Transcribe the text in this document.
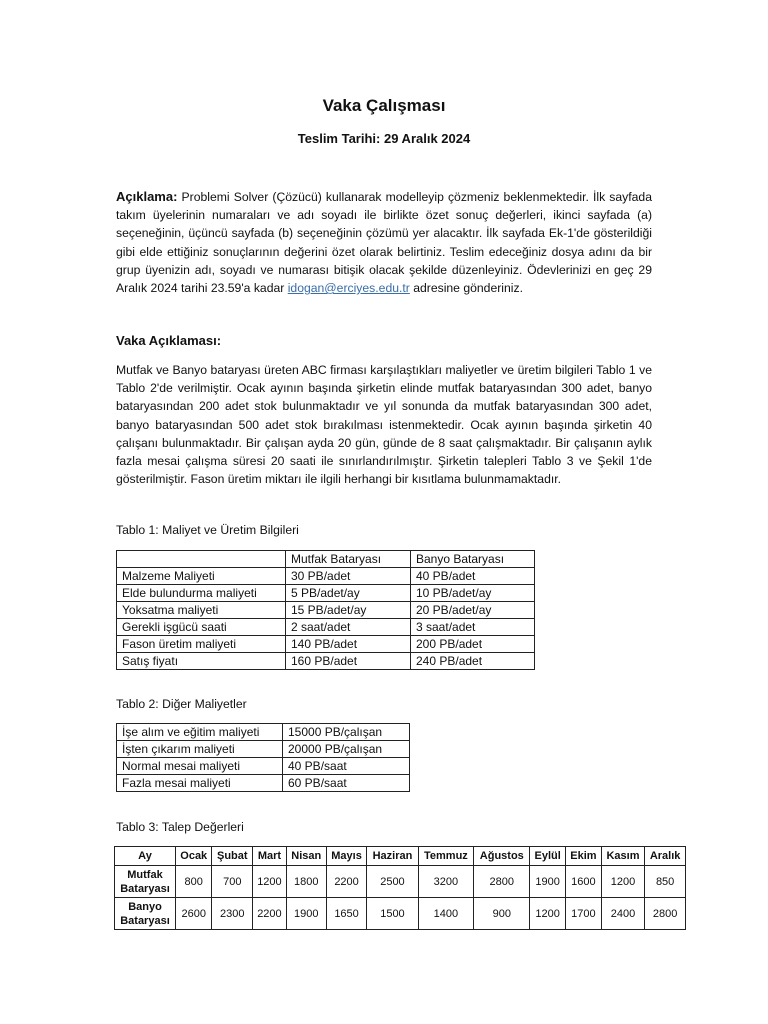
Vaka Çalışması
Teslim Tarihi: 29 Aralık 2024

Açıklama: Problemi Solver (Çözücü) kullanarak modelleyip çözmeniz beklenmektedir. İlk sayfada takım üyelerinin numaraları ve adı soyadı ile birlikte özet sonuç değerleri, ikinci sayfada (a) seçeneğinin, üçüncü sayfada (b) seçeneğinin çözümü yer alacaktır. İlk sayfada Ek-1'de gösterildiği gibi elde ettiğiniz sonuçlarının değerini özet olarak belirtiniz. Teslim edeceğiniz dosya adını da bir grup üyenizin adı, soyadı ve numarası bitişik olacak şekilde düzenleyiniz. Ödevlerinizi en geç 29 Aralık 2024 tarihi 23.59'a kadar idogan@erciyes.edu.tr adresine gönderiniz.

Vaka Açıklaması:

Mutfak ve Banyo bataryası üreten ABC firması karşılaştıkları maliyetler ve üretim bilgileri Tablo 1 ve Tablo 2'de verilmiştir. Ocak ayının başında şirketin elinde mutfak bataryasından 300 adet, banyo bataryasından 200 adet stok bulunmaktadır ve yıl sonunda da mutfak bataryasından 300 adet, banyo bataryasından 500 adet stok bırakılması istenmektedir. Ocak ayının başında şirketin 40 çalışanı bulunmaktadır. Bir çalışan ayda 20 gün, günde de 8 saat çalışmaktadır. Bir çalışanın aylık fazla mesai çalışma süresi 20 saati ile sınırlandırılmıştır. Şirketin talepleri Tablo 3 ve Şekil 1'de gösterilmiştir. Fason üretim miktarı ile ilgili herhangi bir kısıtlama bulunmamaktadır.

Tablo 1: Maliyet ve Üretim Bilgileri
	Mutfak Bataryası	Banyo Bataryası
Malzeme Maliyeti	30 PB/adet	40 PB/adet
Elde bulundurma maliyeti	5 PB/adet/ay	10 PB/adet/ay
Yoksatma maliyeti	15 PB/adet/ay	20 PB/adet/ay
Gerekli işgücü saati	2 saat/adet	3 saat/adet
Fason üretim maliyeti	140 PB/adet	200 PB/adet
Satış fiyatı	160 PB/adet	240 PB/adet
Tablo 2: Diğer Maliyetler
İşe alım ve eğitim maliyeti	15000 PB/çalışan
İşten çıkarım maliyeti	20000 PB/çalışan
Normal mesai maliyeti	40 PB/saat
Fazla mesai maliyeti	60 PB/saat
Tablo 3: Talep Değerleri
Ay	Ocak	Şubat	Mart	Nisan	Mayıs	Haziran	Temmuz	Ağustos	Eylül	Ekim	Kasım	Aralık
Mutfak Bataryası	800	700	1200	1800	2200	2500	3200	2800	1900	1600	1200	850
Banyo Bataryası	2600	2300	2200	1900	1650	1500	1400	900	1200	1700	2400	2800
